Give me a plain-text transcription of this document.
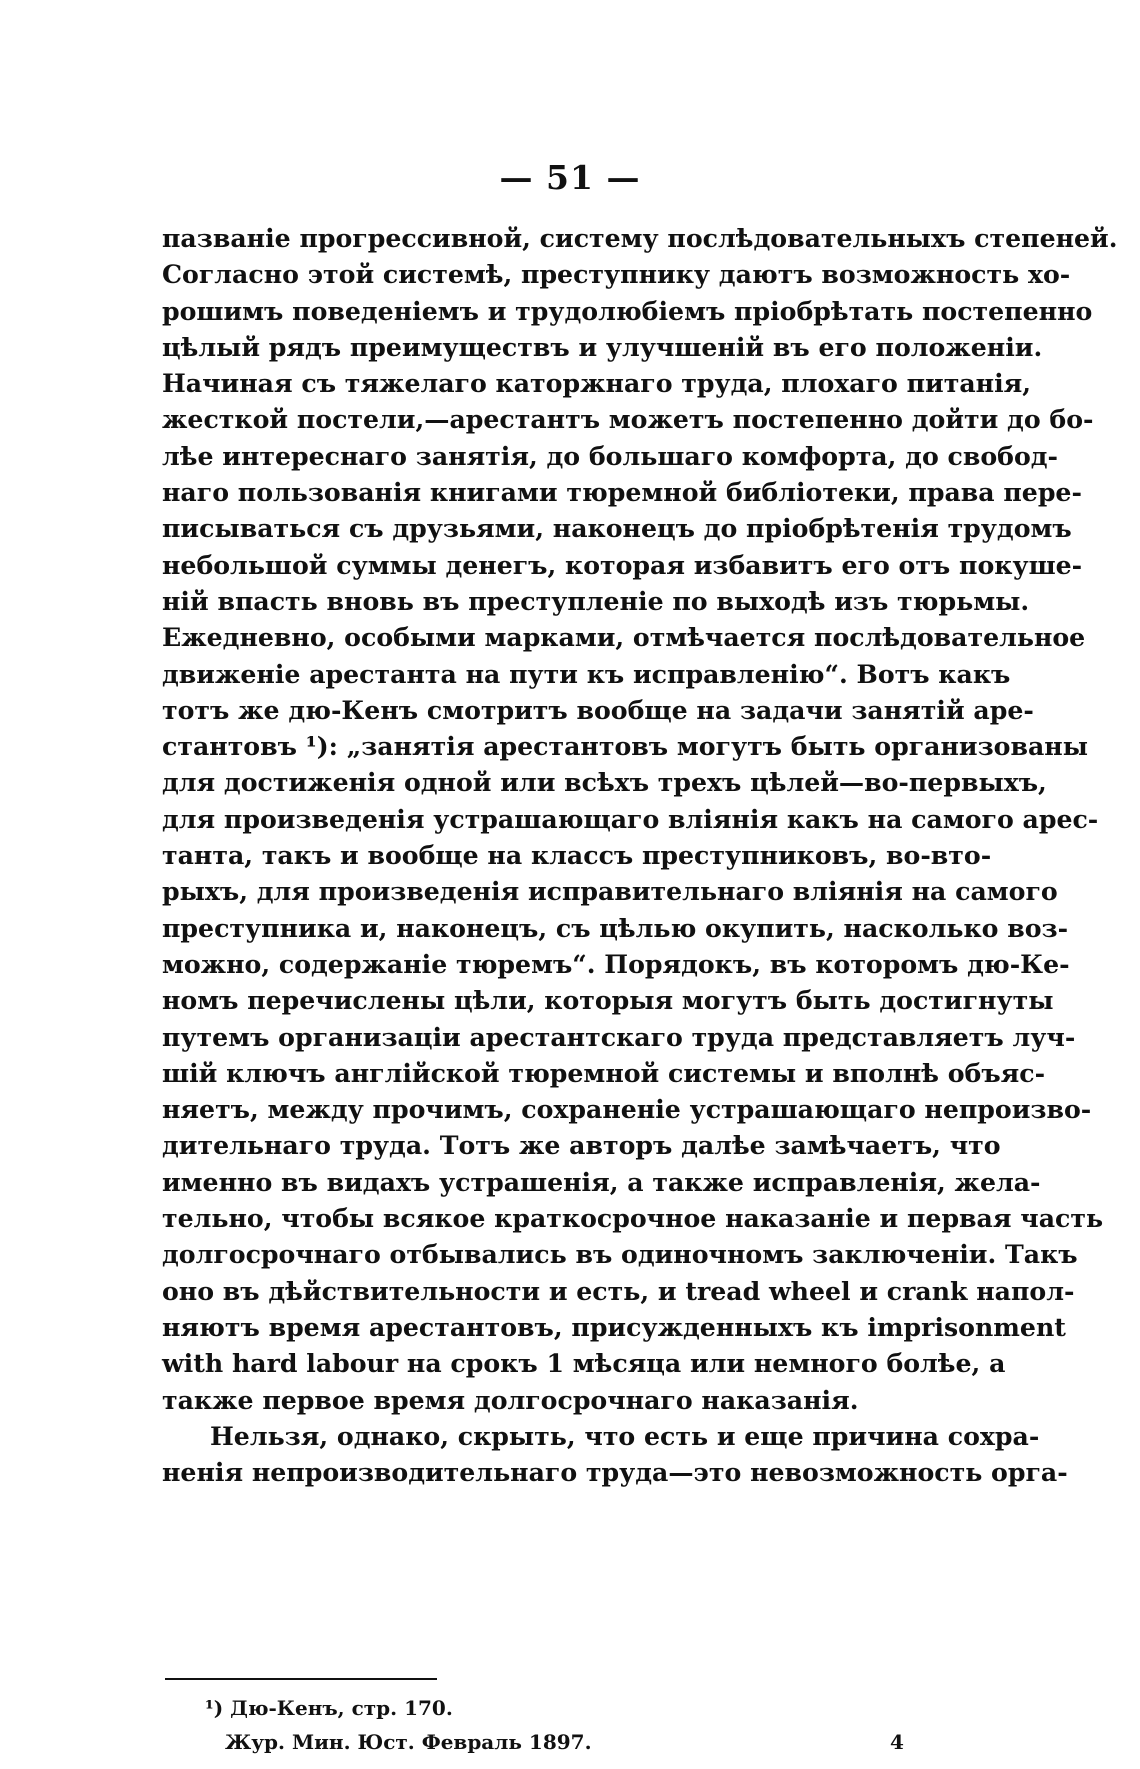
— 51 —
пазваніе прогрессивной, систему послѣдовательныхъ степеней.
Согласно этой системѣ, преступнику даютъ возможность хо-
рошимъ поведеніемъ и трудолюбіемъ пріобрѣтать постепенно
цѣлый рядъ преимуществъ и улучшеній въ его положеніи.
Начиная съ тяжелаго каторжнаго труда, плохаго питанія,
жесткой постели,—арестантъ можетъ постепенно дойти до бо-
лѣе интереснаго занятія, до большаго комфорта, до свобод-
наго пользованія книгами тюремной библіотеки, права пере-
писываться съ друзьями, наконецъ до пріобрѣтенія трудомъ
небольшой суммы денегъ, которая избавитъ его отъ покуше-
ній впасть вновь въ преступленіе по выходѣ изъ тюрьмы.
Ежедневно, особыми марками, отмѣчается послѣдовательное
движеніе арестанта на пути къ исправленію“. Вотъ какъ
тотъ же дю-Кенъ смотритъ вообще на задачи занятій аре-
стантовъ ¹): „занятія арестантовъ могутъ быть организованы
для достиженія одной или всѣхъ трехъ цѣлей—во-первыхъ,
для произведенія устрашающаго вліянія какъ на самого арес-
танта, такъ и вообще на классъ преступниковъ, во-вто-
рыхъ, для произведенія исправительнаго вліянія на самого
преступника и, наконецъ, съ цѣлью окупить, насколько воз-
можно, содержаніе тюремъ“. Порядокъ, въ которомъ дю-Ке-
номъ перечислены цѣли, которыя могутъ быть достигнуты
путемъ организаціи арестантскаго труда представляетъ луч-
шій ключъ англійской тюремной системы и вполнѣ объяс-
няетъ, между прочимъ, сохраненіе устрашающаго непроизво-
дительнаго труда. Тотъ же авторъ далѣе замѣчаетъ, что
именно въ видахъ устрашенія, а также исправленія, жела-
тельно, чтобы всякое краткосрочное наказаніе и первая часть
долгосрочнаго отбывались въ одиночномъ заключеніи. Такъ
оно въ дѣйствительности и есть, и tread wheel и crank напол-
няютъ время арестантовъ, присужденныхъ къ imprisonment
with hard labour на срокъ 1 мѣсяца или немного болѣе, а
также первое время долгосрочнаго наказанія.
Нельзя, однако, скрыть, что есть и еще причина сохра-
ненія непроизводительнаго труда—это невозможность орга-
¹) Дю-Кенъ, стр. 170.
Жур. Мин. Юст. Февраль 1897.	4
